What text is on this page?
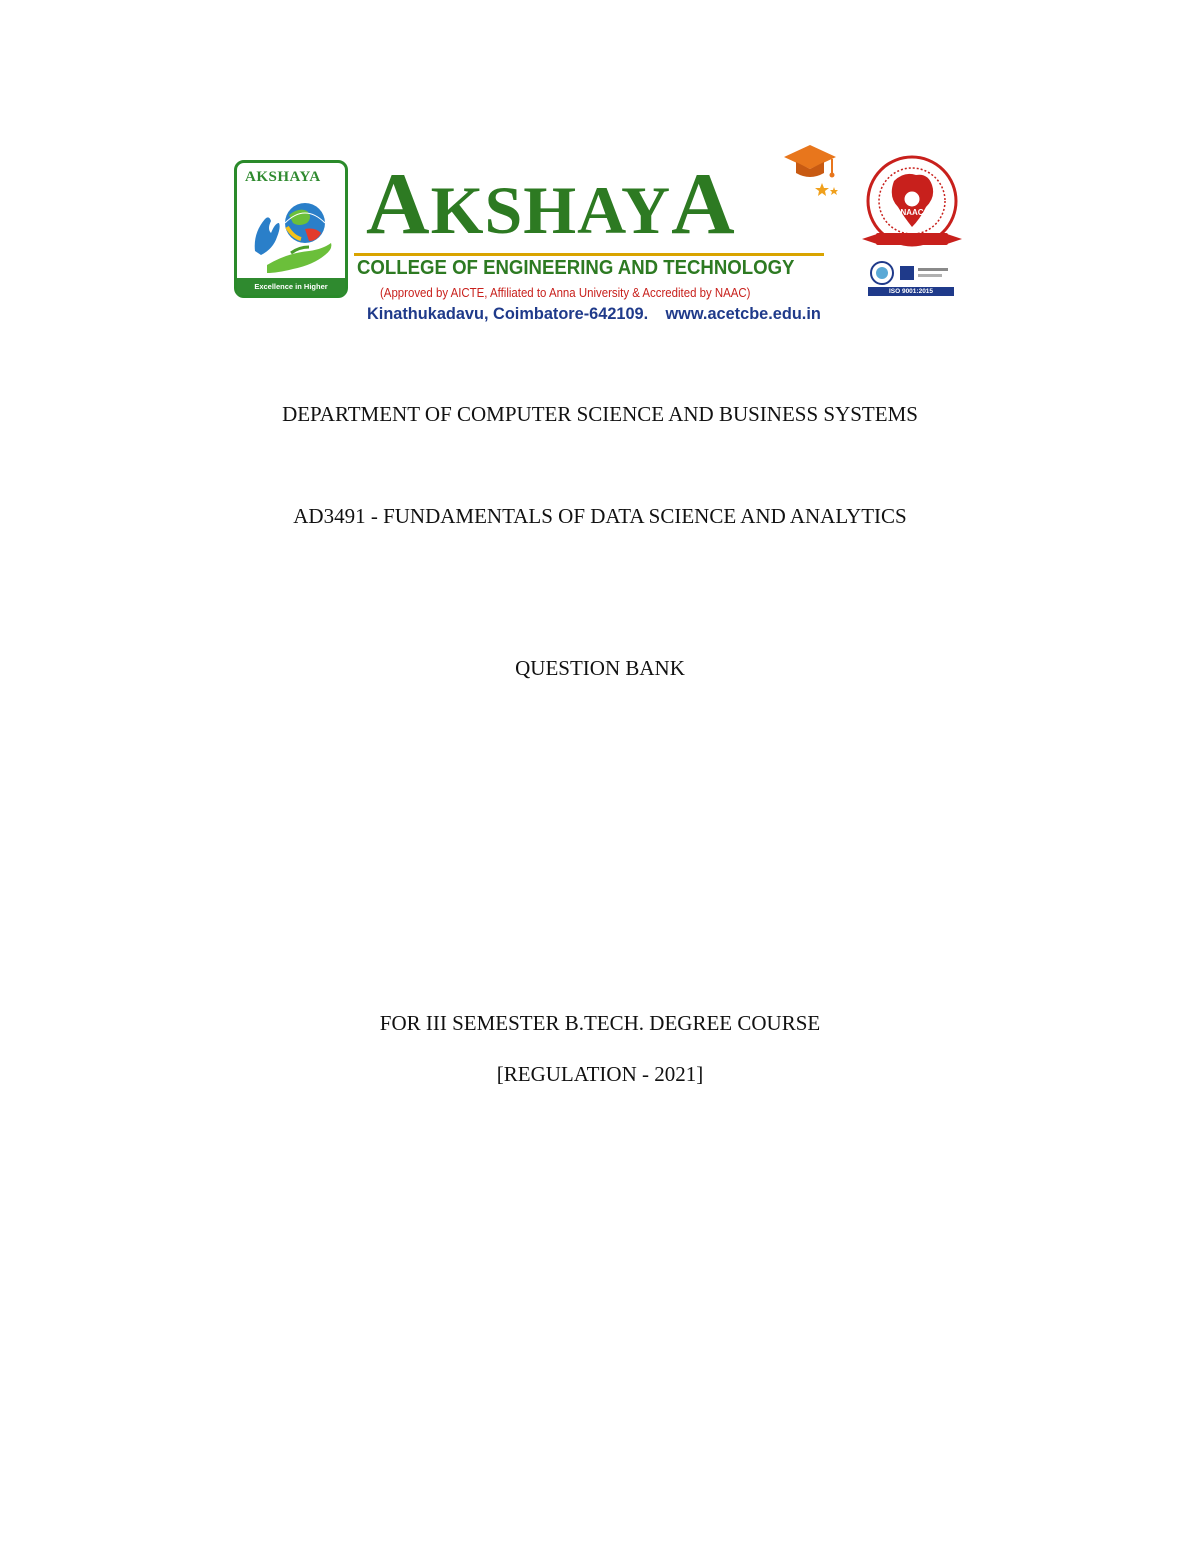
AKSHAYA
Excellence in Higher Education
AKSHAYA
COLLEGE OF ENGINEERING AND TECHNOLOGY
(Approved by AICTE, Affiliated to Anna University & Accredited by NAAC)
Kinathukadavu, Coimbatore-642109. www.acetcbe.edu.in
NAAC
ISO 9001:2015
DEPARTMENT OF COMPUTER SCIENCE AND BUSINESS SYSTEMS
AD3491 - FUNDAMENTALS OF DATA SCIENCE AND ANALYTICS
QUESTION BANK
FOR III SEMESTER B.TECH. DEGREE COURSE
[REGULATION - 2021]
